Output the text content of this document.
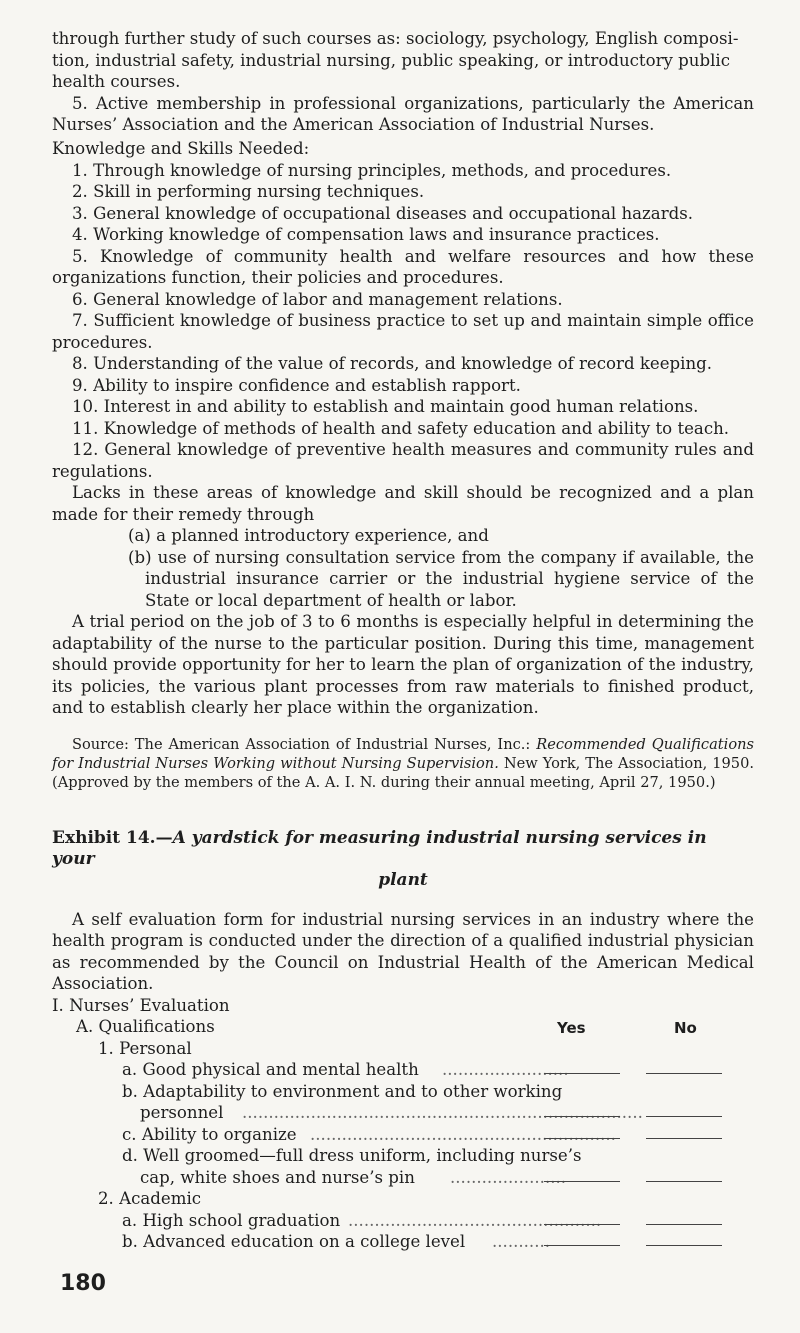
through further study of such courses as: sociology, psychology, English composi-

tion, industrial safety, industrial nursing, public speaking, or introductory public

health courses.

5. Active membership in professional organizations, particularly the American Nurses’ Association and the American Association of Industrial Nurses.

Knowledge and Skills Needed:

1. Through knowledge of nursing principles, methods, and procedures.

2. Skill in performing nursing techniques.

3. General knowledge of occupational diseases and occupational hazards.

4. Working knowledge of compensation laws and insurance practices.

5. Knowledge of community health and welfare resources and how these organizations function, their policies and procedures.

6. General knowledge of labor and management relations.

7. Sufficient knowledge of business practice to set up and maintain simple office procedures.

8. Understanding of the value of records, and knowledge of record keeping.

9. Ability to inspire confidence and establish rapport.

10. Interest in and ability to establish and maintain good human relations.

11. Knowledge of methods of health and safety education and ability to teach.

12. General knowledge of preventive health measures and community rules and regulations.

Lacks in these areas of knowledge and skill should be recognized and a plan made for their remedy through

(a) a planned introductory experience, and

(b) use of nursing consultation service from the company if available, the industrial insurance carrier or the industrial hygiene service of the State or local department of health or labor.

A trial period on the job of 3 to 6 months is especially helpful in determining the adaptability of the nurse to the particular position. During this time, management should provide opportunity for her to learn the plan of organization of the industry, its policies, the various plant processes from raw materials to finished product, and to establish clearly her place within the organization.

Source: The American Association of Industrial Nurses, Inc.: Recommended Qualifications for Industrial Nurses Working without Nursing Supervision. New York, The Association, 1950. (Approved by the members of the A. A. I. N. during their annual meeting, April 27, 1950.)

Exhibit 14.—A yardstick for measuring industrial nursing services in your
plant

A self evaluation form for industrial nursing services in an industry where the health program is conducted under the direction of a qualified industrial physician as recommended by the Council on Industrial Health of the American Medical Association.

I. Nurses’ Evaluation
A. Qualifications	Yes	No
1. Personal
a. Good physical and mental health ........................
b. Adaptability to environment and to other working
personnel ............................................................................
c. Ability to organize ..........................................................
d. Well groomed—full dress uniform, including nurse’s
cap, white shoes and nurse’s pin ......................
2. Academic
a. High school graduation ................................................
b. Advanced education on a college level ...........
180
